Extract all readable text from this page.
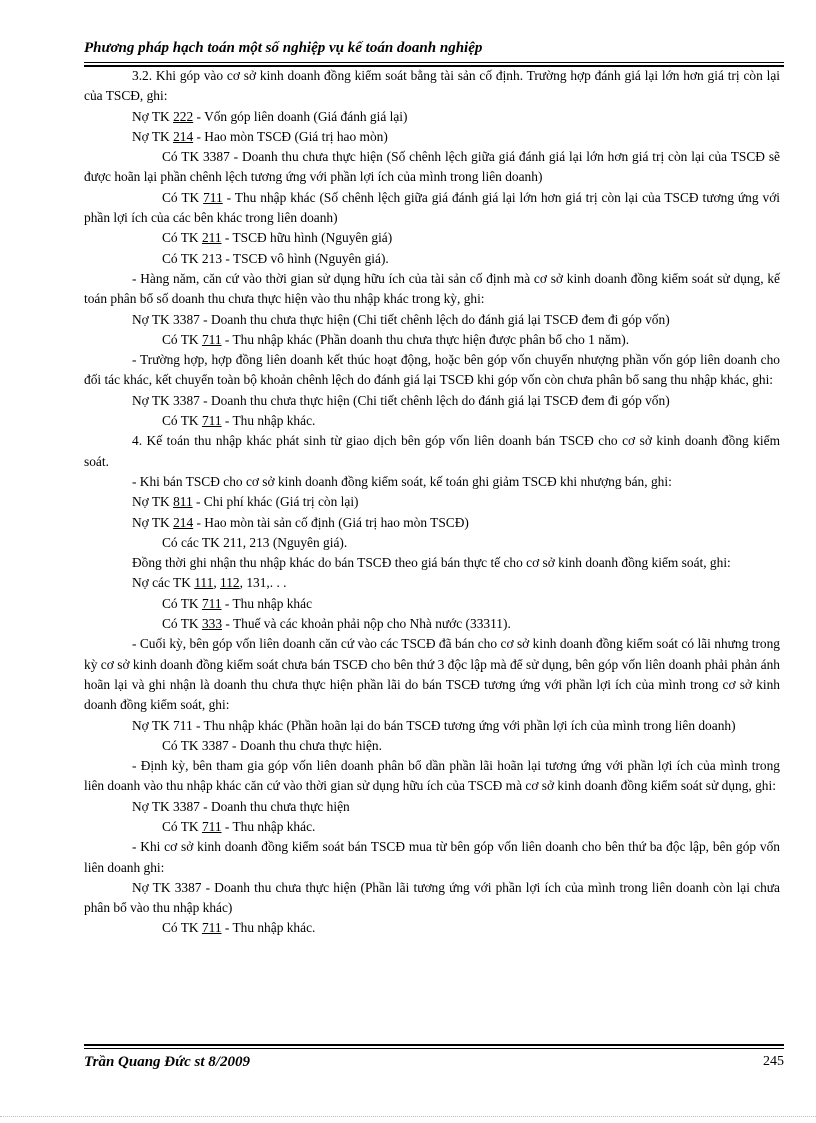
Phương pháp hạch toán một số nghiệp vụ kế toán doanh nghiệp

3.2. Khi góp vào cơ sở kinh doanh đồng kiểm soát bằng tài sản cố định. Trường hợp đánh giá lại lớn hơn giá trị còn lại của TSCĐ, ghi:

Nợ TK 222 - Vốn góp liên doanh (Giá đánh giá lại)

Nợ TK 214 - Hao mòn TSCĐ (Giá trị hao mòn)

Có TK 3387 - Doanh thu chưa thực hiện (Số chênh lệch giữa giá đánh giá lại lớn hơn giá trị còn lại của TSCĐ sẽ được hoãn lại phần chênh lệch tương ứng với phần lợi ích của mình trong liên doanh)

Có TK 711 - Thu nhập khác (Số chênh lệch giữa giá đánh giá lại lớn hơn giá trị còn lại của TSCĐ tương ứng với phần lợi ích của các bên khác trong liên doanh)

Có TK 211 - TSCĐ hữu hình (Nguyên giá)

Có TK 213 - TSCĐ vô hình (Nguyên giá).

- Hàng năm, căn cứ vào thời gian sử dụng hữu ích của tài sản cố định mà cơ sở kinh doanh đồng kiểm soát sử dụng, kế toán phân bổ số doanh thu chưa thực hiện vào thu nhập khác trong kỳ, ghi:

Nợ TK 3387 - Doanh thu chưa thực hiện (Chi tiết chênh lệch do đánh giá lại TSCĐ đem đi góp vốn)

Có TK 711 - Thu nhập khác (Phần doanh thu chưa thực hiện được phân bổ cho 1 năm).

- Trường hợp, hợp đồng liên doanh kết thúc hoạt động, hoặc bên góp vốn chuyển nhượng phần vốn góp liên doanh cho đối tác khác, kết chuyển toàn bộ khoản chênh lệch do đánh giá lại TSCĐ khi góp vốn còn chưa phân bổ sang thu nhập khác, ghi:

Nợ TK 3387 - Doanh thu chưa thực hiện (Chi tiết chênh lệch do đánh giá lại TSCĐ đem đi góp vốn)

Có TK 711 - Thu nhập khác.

4. Kế toán thu nhập khác phát sinh từ giao dịch bên góp vốn liên doanh bán TSCĐ cho cơ sở kinh doanh đồng kiểm soát.

- Khi bán TSCĐ cho cơ sở kinh doanh đồng kiểm soát, kế toán ghi giảm TSCĐ khi nhượng bán, ghi:

Nợ TK 811 - Chi phí khác (Giá trị còn lại)

Nợ TK 214 - Hao mòn tài sản cố định (Giá trị hao mòn TSCĐ)

Có các TK 211, 213 (Nguyên giá).

Đồng thời ghi nhận thu nhập khác do bán TSCĐ theo giá bán thực tế cho cơ sở kinh doanh đồng kiểm soát, ghi:

Nợ các TK 111, 112, 131,. . .

Có TK 711 - Thu nhập khác

Có TK 333 - Thuế và các khoản phải nộp cho Nhà nước (33311).

- Cuối kỳ, bên góp vốn liên doanh căn cứ vào các TSCĐ đã bán cho cơ sở kinh doanh đồng kiểm soát có lãi nhưng trong kỳ cơ sở kinh doanh đồng kiểm soát chưa bán TSCĐ cho bên thứ 3 độc lập mà để sử dụng, bên góp vốn liên doanh phải phản ánh hoãn lại và ghi nhận là doanh thu chưa thực hiện phần lãi do bán TSCĐ tương ứng với phần lợi ích của mình trong cơ sở kinh doanh đồng kiểm soát, ghi:

Nợ TK 711 - Thu nhập khác (Phần hoãn lại do bán TSCĐ tương ứng với phần lợi ích của mình trong liên doanh)

Có TK 3387 - Doanh thu chưa thực hiện.

- Định kỳ, bên tham gia góp vốn liên doanh phân bổ dần phần lãi hoãn lại tương ứng với phần lợi ích của mình trong liên doanh vào thu nhập khác căn cứ vào thời gian sử dụng hữu ích của TSCĐ mà cơ sở kinh doanh đồng kiểm soát sử dụng, ghi:

Nợ TK 3387 - Doanh thu chưa thực hiện

Có TK 711 - Thu nhập khác.

- Khi cơ sở kinh doanh đồng kiểm soát bán TSCĐ mua từ bên góp vốn liên doanh cho bên thứ ba độc lập, bên góp vốn liên doanh ghi:

Nợ TK 3387 - Doanh thu chưa thực hiện (Phần lãi tương ứng với phần lợi ích của mình trong liên doanh còn lại chưa phân bổ vào thu nhập khác)

Có TK 711 - Thu nhập khác.

Trần Quang Đức st 8/2009	245
